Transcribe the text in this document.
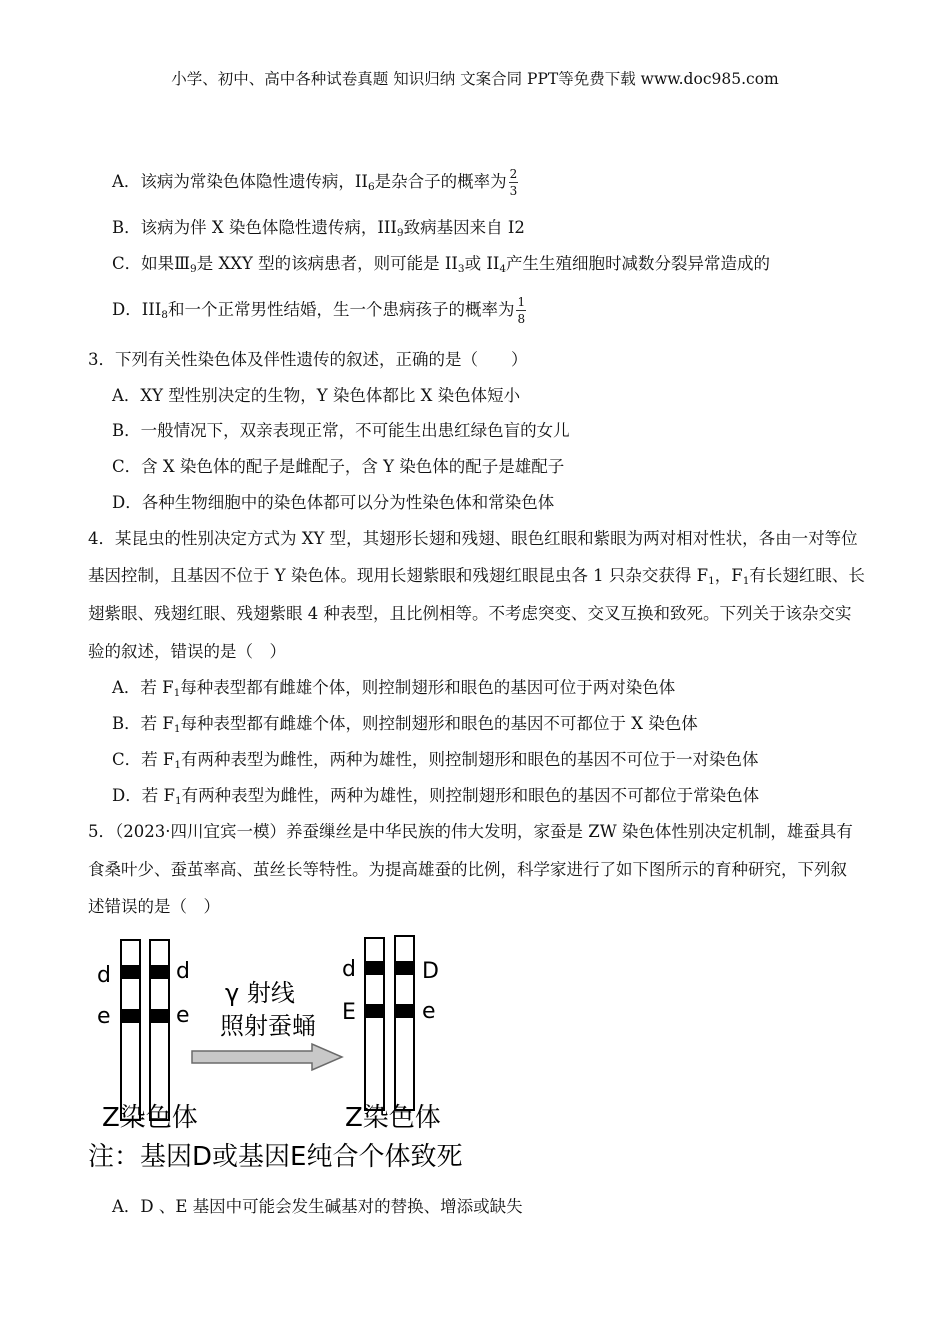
小学、初中、高中各种试卷真题 知识归纳 文案合同 PPT等免费下载 www.doc985.com
A．该病为常染色体隐性遗传病，$II_6$是杂合子的概率为 $\frac{2}{3}$
B．该病为伴 X 染色体隐性遗传病，$III_9$致病基因来自 I2
C．如果$Ⅲ_9$是 XXY 型的该病患者，则可能是 $II_3$或 $II_4$产生生殖细胞时减数分裂异常造成的
D．$III_8$和一个正常男性结婚，生一个患病孩子的概率为 $\frac{1}{8}$
3．下列有关性染色体及伴性遗传的叙述，正确的是（　　）
A．XY 型性别决定的生物，Y 染色体都比 X 染色体短小
B．一般情况下，双亲表现正常，不可能生出患红绿色盲的女儿
C．含 X 染色体的配子是雌配子，含 Y 染色体的配子是雄配子
D．各种生物细胞中的染色体都可以分为性染色体和常染色体
4．某昆虫的性别决定方式为 XY 型，其翅形长翅和残翅、眼色红眼和紫眼为两对相对性状，各由一对等位
基因控制，且基因不位于 Y 染色体。现用长翅紫眼和残翅红眼昆虫各 1 只杂交获得 $F_1$，$F_1$有长翅红眼、长
翅紫眼、残翅红眼、残翅紫眼 4 种表型，且比例相等。不考虑突变、交叉互换和致死。下列关于该杂交实
验的叙述，错误的是（　）
A．若 $F_1$每种表型都有雌雄个体，则控制翅形和眼色的基因可位于两对染色体
B．若 $F_1$每种表型都有雌雄个体，则控制翅形和眼色的基因不可都位于 X 染色体
C．若 $F_1$有两种表型为雌性，两种为雄性，则控制翅形和眼色的基因不可位于一对染色体
D．若 $F_1$有两种表型为雌性，两种为雄性，则控制翅形和眼色的基因不可都位于常染色体
5．（2023·四川宜宾一模）养蚕缫丝是中华民族的伟大发明，家蚕是 ZW 染色体性别决定机制，雄蚕具有
食桑叶少、蚕茧率高、茧丝长等特性。为提高雄蚕的比例，科学家进行了如下图所示的育种研究，下列叙
述错误的是（　）
d
e
d
e
γ 射线
照射蚕蛹
d
E
D
e
Z染色体	Z染色体
注：基因D或基因E纯合个体致死
A．D 、E 基因中可能会发生碱基对的替换、增添或缺失
